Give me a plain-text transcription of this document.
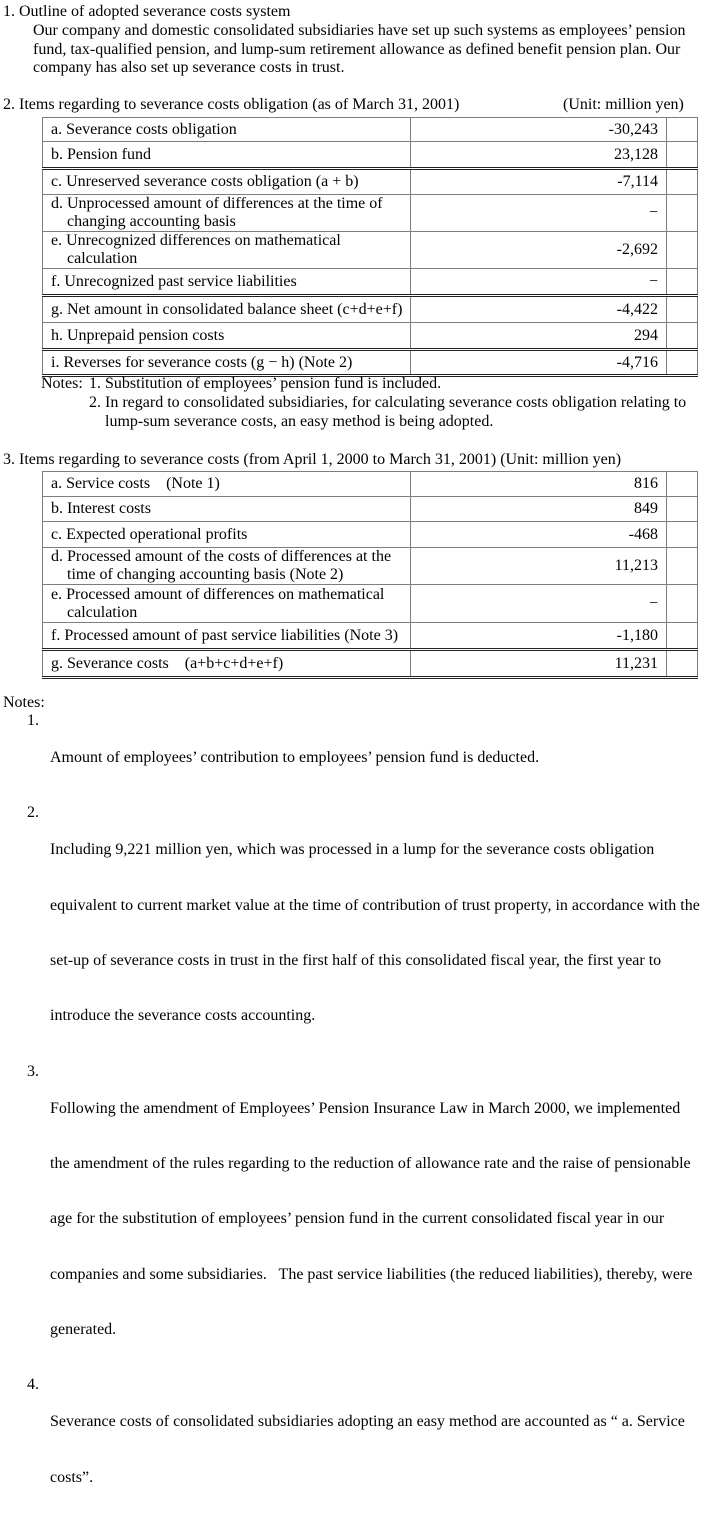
1. Outline of adopted severance costs system
Our company and domestic consolidated subsidiaries have set up such systems as employees’ pension
fund, tax-qualified pension, and lump-sum retirement allowance as defined benefit pension plan. Our
company has also set up severance costs in trust.
2. Items regarding to severance costs obligation (as of March 31, 2001)	(Unit: million yen)
a. Severance costs obligation	-30,243	

b. Pension fund	23,128	

c. Unreserved severance costs obligation (a + b)	-7,114	

d. Unprocessed amount of differences at the time of
changing accounting basis	−	

e. Unrecognized differences on mathematical
calculation	-2,692	

f. Unrecognized past service liabilities	−	

g. Net amount in consolidated balance sheet (c+d+e+f)	-4,422	

h. Unprepaid pension costs	294	

i. Reverses for severance costs (g − h) (Note 2)	-4,716	
Notes: 1. Substitution of employees’ pension fund is included.
2. In regard to consolidated subsidiaries, for calculating severance costs obligation relating to
lump-sum severance costs, an easy method is being adopted.
3. Items regarding to severance costs (from April 1, 2000 to March 31, 2001) (Unit: million yen)
a. Service costs    (Note 1)	816	

b. Interest costs	849	

c. Expected operational profits	-468	

d. Processed amount of the costs of differences at the
time of changing accounting basis (Note 2)	11,213	

e. Processed amount of differences on mathematical
calculation	−	

f. Processed amount of past service liabilities (Note 3)	-1,180	

g. Severance costs    (a+b+c+d+e+f)	11,231	
Notes:
1.

Amount of employees’ contribution to employees’ pension fund is deducted.

2.

Including 9,221 million yen, which was processed in a lump for the severance costs obligation

equivalent to current market value at the time of contribution of trust property, in accordance with the

set-up of severance costs in trust in the first half of this consolidated fiscal year, the first year to

introduce the severance costs accounting.

3.

Following the amendment of Employees’ Pension Insurance Law in March 2000, we implemented

the amendment of the rules regarding to the reduction of allowance rate and the raise of pensionable

age for the substitution of employees’ pension fund in the current consolidated fiscal year in our

companies and some subsidiaries.   The past service liabilities (the reduced liabilities), thereby, were

generated.

4.

Severance costs of consolidated subsidiaries adopting an easy method are accounted as “ a. Service

costs”.
